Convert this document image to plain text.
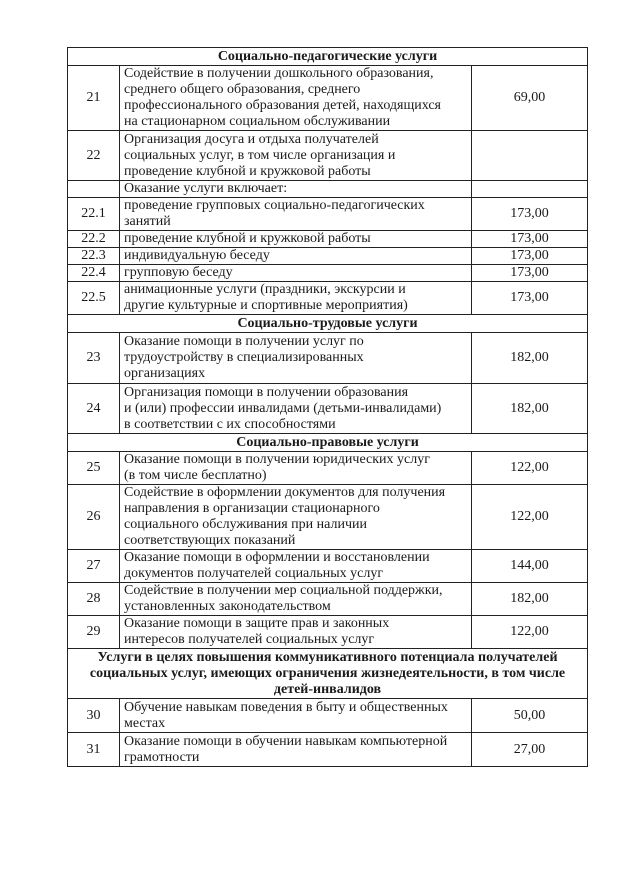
Социально-педагогические услуги		
21	Содействие в получении дошкольного образования,
среднего общего образования, среднего
профессионального образования детей, находящихся
на стационарном социальном обслуживании	69,00
22	Организация досуга и отдыха получателей
социальных услуг, в том числе организация и
проведение клубной и кружковой работы	
	Оказание услуги включает:	
22.1	проведение групповых социально-педагогических
занятий	173,00
22.2	проведение клубной и кружковой работы	173,00
22.3	индивидуальную беседу	173,00
22.4	групповую беседу	173,00
22.5	анимационные услуги (праздники, экскурсии и
другие культурные и спортивные мероприятия)	173,00
Социально-трудовые услуги		
23	Оказание помощи в получении услуг по
трудоустройству в специализированных
организациях	182,00
24	Организация помощи в получении образования
и (или) профессии инвалидами (детьми-инвалидами)
в соответствии с их способностями	182,00
Социально-правовые услуги		
25	Оказание помощи в получении юридических услуг
(в том числе бесплатно)	122,00
26	Содействие в оформлении документов для получения
направления в организации стационарного
социального обслуживания при наличии
соответствующих показаний	122,00
27	Оказание помощи в оформлении и восстановлении
документов получателей социальных услуг	144,00
28	Содействие в получении мер социальной поддержки,
установленных законодательством	182,00
29	Оказание помощи в защите прав и законных
интересов получателей социальных услуг	122,00
Услуги в целях повышения коммуникативного потенциала получателей
социальных услуг, имеющих ограничения жизнедеятельности, в том числе
детей-инвалидов		
30	Обучение навыкам поведения в быту и общественных
местах	50,00
31	Оказание помощи в обучении навыкам компьютерной
грамотности	27,00
